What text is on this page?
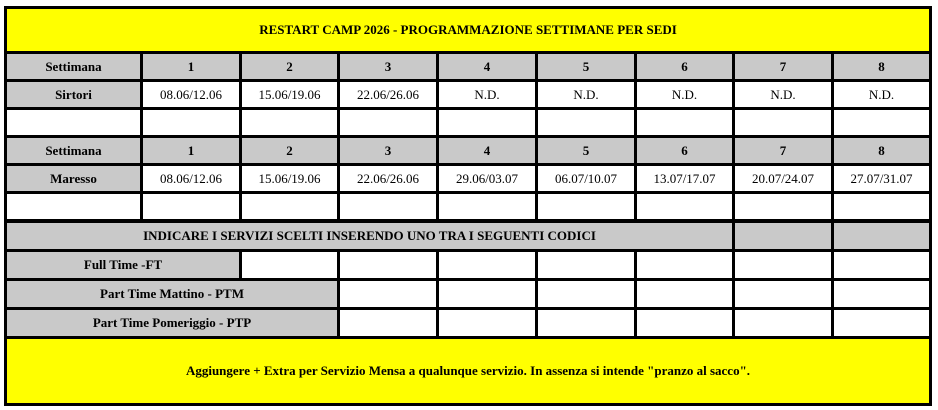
RESTART CAMP 2026 - PROGRAMMAZIONE SETTIMANE PER SEDI
Settimana	1	2	3	4	5	6	7	8
Sirtori	08.06/12.06	15.06/19.06	22.06/26.06	N.D.	N.D.	N.D.	N.D.	N.D.
Settimana	1	2	3	4	5	6	7	8
Maresso	08.06/12.06	15.06/19.06	22.06/26.06	29.06/03.07	06.07/10.07	13.07/17.07	20.07/24.07	27.07/31.07
INDICARE I SERVIZI SCELTI INSERENDO UNO TRA I SEGUENTI CODICI
Full Time -FT
Part Time Mattino - PTM
Part Time Pomeriggio - PTP
Aggiungere + Extra per Servizio Mensa a qualunque servizio. In assenza si intende "pranzo al sacco".
